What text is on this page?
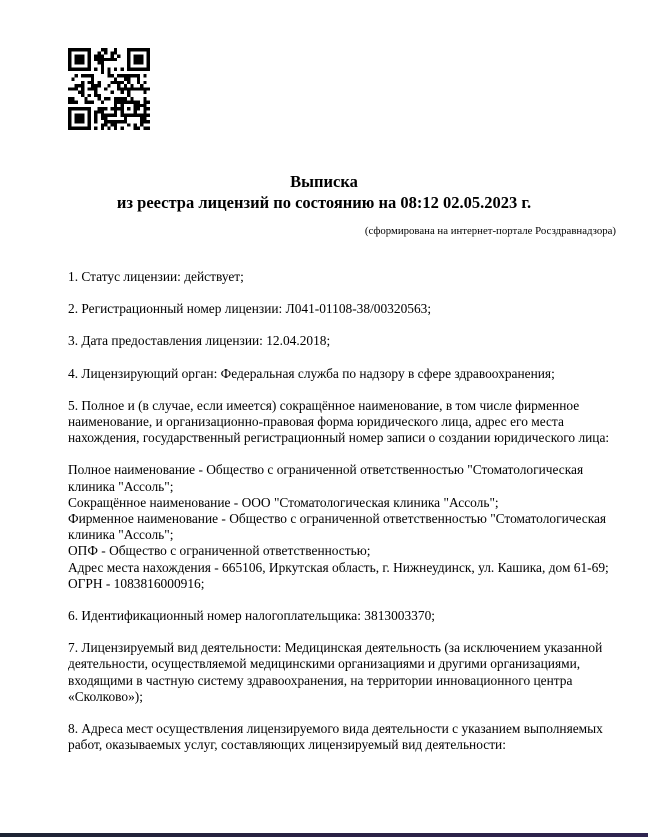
Выписка
из реестра лицензий по состоянию на 08:12 02.05.2023 г.
(сформирована на интернет-портале Росздравнадзора)

1. Статус лицензии: действует;

2. Регистрационный номер лицензии: Л041-01108-38/00320563;

3. Дата предоставления лицензии: 12.04.2018;

4. Лицензирующий орган: Федеральная служба по надзору в сфере здравоохранения;

5. Полное и (в случае, если имеется) сокращённое наименование, в том числе фирменное наименование, и организационно-правовая форма юридического лица, адрес его места нахождения, государственный регистрационный номер записи о создании юридического лица:

Полное наименование - Общество с ограниченной ответственностью "Стоматологическая клиника "Ассоль";
Сокращённое наименование - ООО "Стоматологическая клиника "Ассоль";
Фирменное наименование - Общество с ограниченной ответственностью "Стоматологическая клиника "Ассоль";
ОПФ - Общество с ограниченной ответственностью;
Адрес места нахождения - 665106, Иркутская область, г. Нижнеудинск, ул. Кашика, дом 61-69;
ОГРН - 1083816000916;

6. Идентификационный номер налогоплательщика: 3813003370;

7. Лицензируемый вид деятельности: Медицинская деятельность (за исключением указанной деятельности, осуществляемой медицинскими организациями и другими организациями, входящими в частную систему здравоохранения, на территории инновационного центра «Сколково»);

8. Адреса мест осуществления лицензируемого вида деятельности с указанием выполняемых работ, оказываемых услуг, составляющих лицензируемый вид деятельности:
